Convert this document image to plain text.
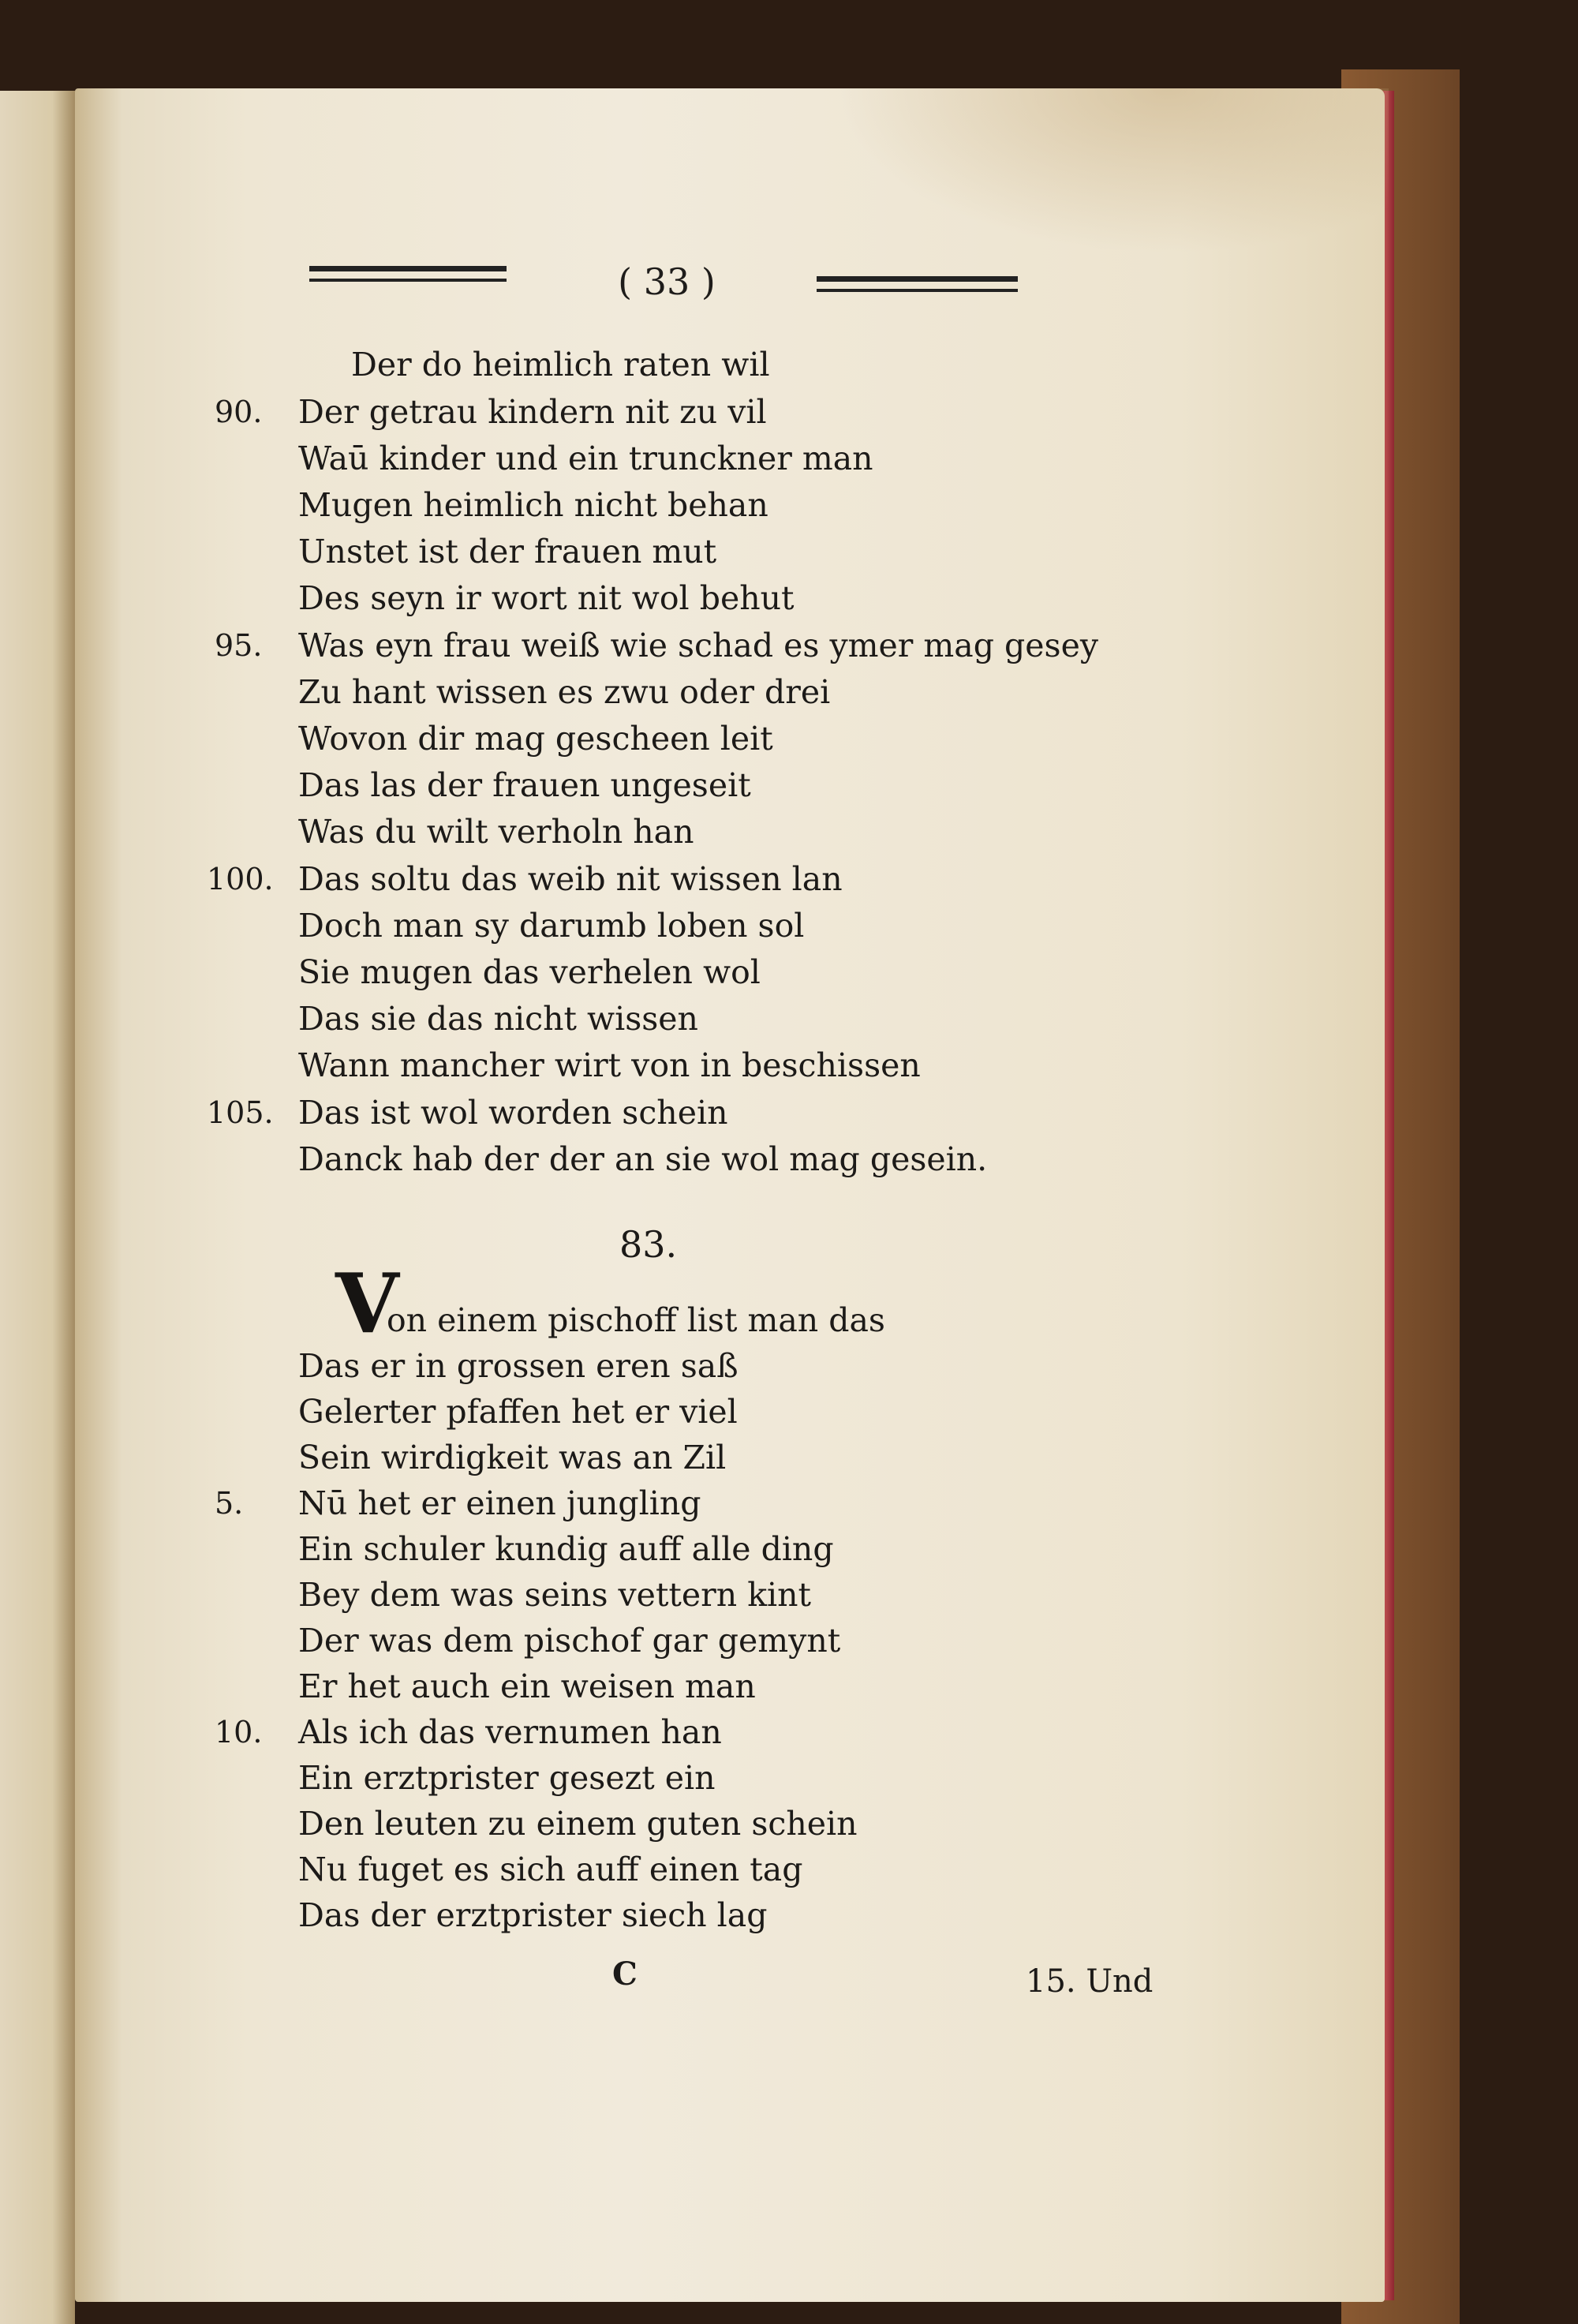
( 33 )
Der do heimlich raten wil
90. Der getrau kindern nit zu vil
Waū kinder und ein trunckner man
Mugen heimlich nicht behan
Unstet ist der frauen mut
Des seyn ir wort nit wol behut
95. Was eyn frau weiß wie schad es ymer mag gesey
Zu hant wissen es zwu oder drei
Wovon dir mag gescheen leit
Das las der frauen ungeseit
Was du wilt verholn han
100. Das soltu das weib nit wissen lan
Doch man sy darumb loben sol
Sie mugen das verhelen wol
Das sie das nicht wissen
Wann mancher wirt von in beschissen
105. Das ist wol worden schein
Danck hab der der an sie wol mag gesein.
83.
V
on einem pischoff list man das
Das er in grossen eren saß
Gelerter pfaffen het er viel
Sein wirdigkeit was an Zil
5. Nū het er einen jungling
Ein schuler kundig auff alle ding
Bey dem was seins vettern kint
Der was dem pischof gar gemynt
Er het auch ein weisen man
10. Als ich das vernumen han
Ein erztprister gesezt ein
Den leuten zu einem guten schein
Nu fuget es sich auff einen tag
Das der erztprister siech lag
C	15. Und
